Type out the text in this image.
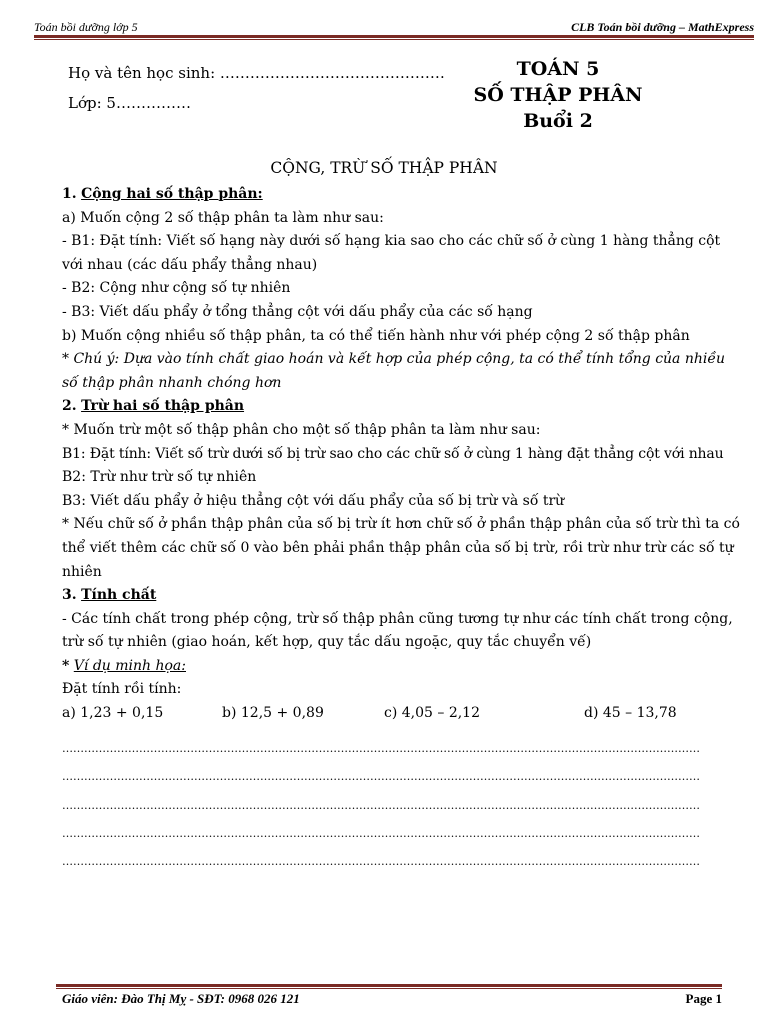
Toán bồi dưỡng lớp 5	CLB Toán bồi dưỡng – MathExpress
Họ và tên học sinh: ………………………………………
Lớp: 5……………
TOÁN 5
SỐ THẬP PHÂN
Buổi 2
CỘNG, TRỪ SỐ THẬP PHÂN
1. Cộng hai số thập phân:
a) Muốn cộng 2 số thập phân ta làm như sau:
- B1: Đặt tính: Viết số hạng này dưới số hạng kia sao cho các chữ số ở cùng 1 hàng thẳng cột
với nhau (các dấu phẩy thẳng nhau)
- B2: Cộng như cộng số tự nhiên
- B3: Viết dấu phẩy ở tổng thẳng cột với dấu phẩy của các số hạng
b) Muốn cộng nhiều số thập phân, ta có thể tiến hành như với phép cộng 2 số thập phân
* Chú ý: Dựa vào tính chất giao hoán và kết hợp của phép cộng, ta có thể tính tổng của nhiều
số thập phân nhanh chóng hơn
2. Trừ hai số thập phân
* Muốn trừ một số thập phân cho một số thập phân ta làm như sau:
B1: Đặt tính: Viết số trừ dưới số bị trừ sao cho các chữ số ở cùng 1 hàng đặt thẳng cột với nhau
B2: Trừ như trừ số tự nhiên
B3: Viết dấu phẩy ở hiệu thẳng cột với dấu phẩy của số bị trừ và số trừ
* Nếu chữ số ở phần thập phân của số bị trừ ít hơn chữ số ở phần thập phân của số trừ thì ta có
thể viết thêm các chữ số 0 vào bên phải phần thập phân của số bị trừ, rồi trừ như trừ các số tự
nhiên
3. Tính chất
- Các tính chất trong phép cộng, trừ số thập phân cũng tương tự như các tính chất trong cộng,
trừ số tự nhiên (giao hoán, kết hợp, quy tắc dấu ngoặc, quy tắc chuyển vế)
* Ví dụ minh họa:
Đặt tính rồi tính:
a) 1,23 + 0,15	b) 12,5 + 0,89	c) 4,05 – 2,12	d) 45 – 13,78
…………………………………………………………………………………………………………………………………………………………
…………………………………………………………………………………………………………………………………………………………
…………………………………………………………………………………………………………………………………………………………
…………………………………………………………………………………………………………………………………………………………
…………………………………………………………………………………………………………………………………………………………
Giáo viên: Đào Thị Mỵ - SĐT: 0968 026 121	Page 1
